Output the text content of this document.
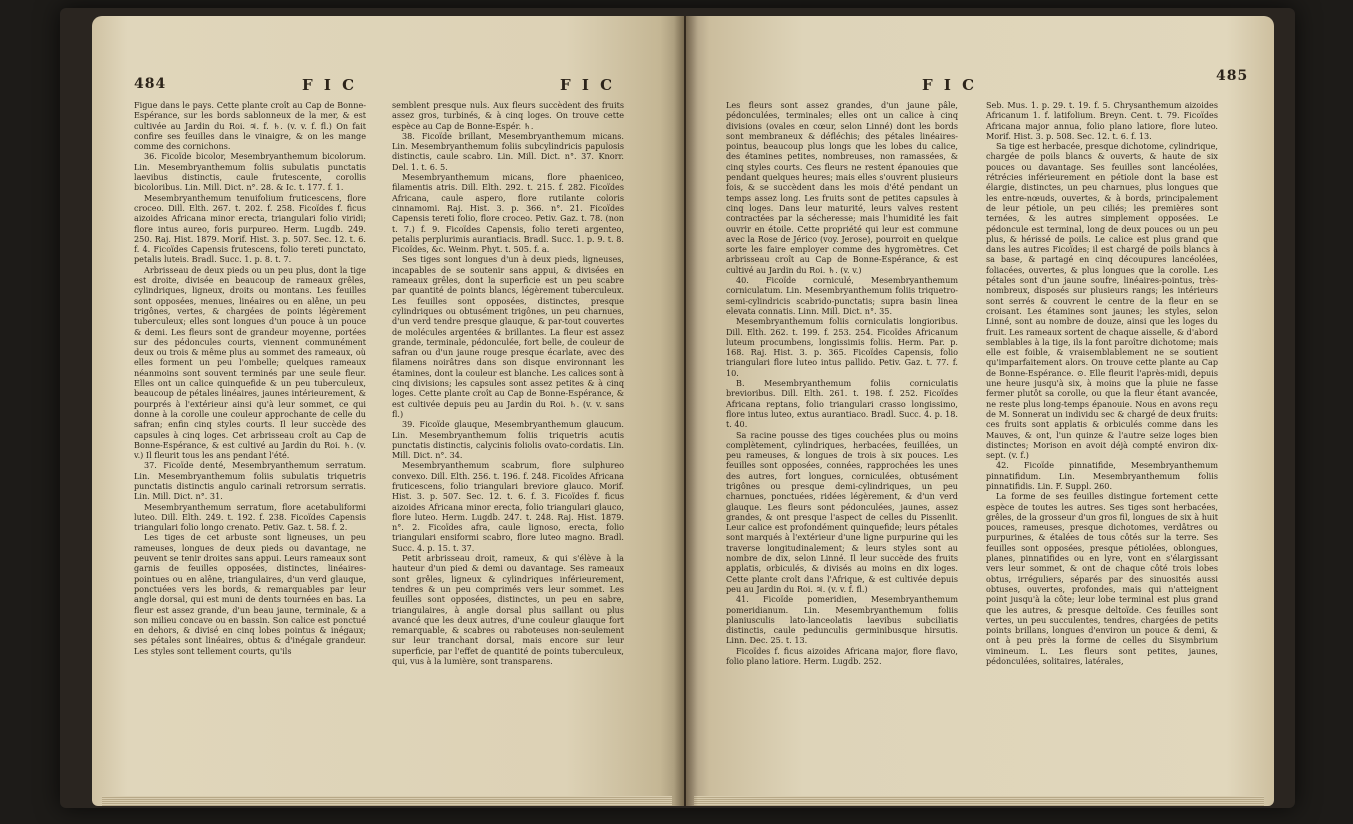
484	F I C	F I C

Figue dans le pays. Cette plante croît au Cap de Bonne-Espérance, sur les bords sablonneux de la mer, & est cultivée au Jardin du Roi. ♃. f. ♄. (v. v. f. fl.) On fait confire ses feuilles dans le vinaigre, & on les mange comme des cornichons.

36. Ficoïde bicolor, Mesembryanthemum bicolorum. Lin. Mesembryanthemum foliis subulatis punctatis laevibus distinctis, caule frutescente, corollis bicoloribus. Lin. Mill. Dict. n°. 28. & Ic. t. 177. f. 1.

Mesembryanthemum tenuifolium fruticescens, flore croceo. Dill. Elth. 267. t. 202. f. 258. Ficoïdes f. ficus aizoides Africana minor erecta, triangulari folio viridi; flore intus aureo, foris purpureo. Herm. Lugdb. 249. 250. Raj. Hist. 1879. Morif. Hist. 3. p. 507. Sec. 12. t. 6. f. 4. Ficoïdes Capensis frutescens, folio tereti punctato, petalis luteis. Bradl. Succ. 1. p. 8. t. 7.

Arbrisseau de deux pieds ou un peu plus, dont la tige est droite, divisée en beaucoup de rameaux grêles, cylindriques, ligneux, droits ou montans. Les feuilles sont opposées, menues, linéaires ou en alêne, un peu trigônes, vertes, & chargées de points légèrement tuberculeux; elles sont longues d'un pouce à un pouce & demi. Les fleurs sont de grandeur moyenne, portées sur des pédoncules courts, viennent communément deux ou trois & même plus au sommet des rameaux, où elles forment un peu l'ombelle; quelques rameaux néanmoins sont souvent terminés par une seule fleur. Elles ont un calice quinquefide & un peu tuberculeux, beaucoup de pétales linéaires, jaunes intérieurement, & pourprés à l'extérieur ainsi qu'à leur sommet, ce qui donne à la corolle une couleur approchante de celle du safran; enfin cinq styles courts. Il leur succède des capsules à cinq loges. Cet arbrisseau croît au Cap de Bonne-Espérance, & est cultivé au Jardin du Roi. ♄. (v. v.) Il fleurit tous les ans pendant l'été.

37. Ficoïde denté, Mesembryanthemum serratum. Lin. Mesembryanthemum foliis subulatis triquetris punctatis distinctis angulo carinali retrorsum serratis. Lin. Mill. Dict. n°. 31.

Mesembryanthemum serratum, flore acetabuliformi luteo. Dill. Elth. 249. t. 192. f. 238. Ficoïdes Capensis triangulari folio longo crenato. Petiv. Gaz. t. 58. f. 2.

Les tiges de cet arbuste sont ligneuses, un peu rameuses, longues de deux pieds ou davantage, ne peuvent se tenir droites sans appui. Leurs rameaux sont garnis de feuilles opposées, distinctes, linéaires-pointues ou en alêne, triangulaires, d'un verd glauque, ponctuées vers les bords, & remarquables par leur angle dorsal, qui est muni de dents tournées en bas. La fleur est assez grande, d'un beau jaune, terminale, & a son milieu concave ou en bassin. Son calice est ponctué en dehors, & divisé en cinq lobes pointus & inégaux; ses pétales sont linéaires, obtus & d'inégale grandeur. Les styles sont tellement courts, qu'ils

semblent presque nuls. Aux fleurs succèdent des fruits assez gros, turbinés, & à cinq loges. On trouve cette espèce au Cap de Bonne-Espér. ♄.

38. Ficoïde brillant, Mesembryanthemum micans. Lin. Mesembryanthemum foliis subcylindricis papulosis distinctis, caule scabro. Lin. Mill. Dict. n°. 37. Knorr. Del. 1. t. 6. 5.

Mesembryanthemum micans, flore phaeniceo, filamentis atris. Dill. Elth. 292. t. 215. f. 282. Ficoïdes Africana, caule aspero, flore rutilante coloris cinnamomi. Raj. Hist. 3. p. 366. n°. 21. Ficoïdes Capensis tereti folio, flore croceo. Petiv. Gaz. t. 78. (non t. 7.) f. 9. Ficoïdes Capensis, folio tereti argenteo, petalis perplurimis aurantiacis. Bradl. Succ. 1. p. 9. t. 8. Ficoïdes, &c. Weinm. Phyt. t. 505. f. a.

Ses tiges sont longues d'un à deux pieds, ligneuses, incapables de se soutenir sans appui, & divisées en rameaux grêles, dont la superficie est un peu scabre par quantité de points blancs, légèrement tuberculeux. Les feuilles sont opposées, distinctes, presque cylindriques ou obtusément trigônes, un peu charnues, d'un verd tendre presque glauque, & par-tout couvertes de molécules argentées & brillantes. La fleur est assez grande, terminale, pédonculée, fort belle, de couleur de safran ou d'un jaune rouge presque écarlate, avec des filamens noirâtres dans son disque environnant les étamines, dont la couleur est blanche. Les calices sont à cinq divisions; les capsules sont assez petites & à cinq loges. Cette plante croît au Cap de Bonne-Espérance, & est cultivée depuis peu au Jardin du Roi. ♄. (v. v. sans fl.)

39. Ficoïde glauque, Mesembryanthemum glaucum. Lin. Mesembryanthemum foliis triquetris acutis punctatis distinctis, calycinis foliolis ovato-cordatis. Lin. Mill. Dict. n°. 34.

Mesembryanthemum scabrum, flore sulphureo convexo. Dill. Elth. 256. t. 196. f. 248. Ficoïdes Africana fruticescens, folio triangulari breviore glauco. Morif. Hist. 3. p. 507. Sec. 12. t. 6. f. 3. Ficoïdes f. ficus aizoides Africana minor erecta, folio triangulari glauco, flore luteo. Herm. Lugdb. 247. t. 248. Raj. Hist. 1879. n°. 2. Ficoïdes afra, caule lignoso, erecta, folio triangulari ensiformi scabro, flore luteo magno. Bradl. Succ. 4. p. 15. t. 37.

Petit arbrisseau droit, rameux, & qui s'élève à la hauteur d'un pied & demi ou davantage. Ses rameaux sont grêles, ligneux & cylindriques inférieurement, tendres & un peu comprimés vers leur sommet. Les feuilles sont opposées, distinctes, un peu en sabre, triangulaires, à angle dorsal plus saillant ou plus avancé que les deux autres, d'une couleur glauque fort remarquable, & scabres ou raboteuses non-seulement sur leur tranchant dorsal, mais encore sur leur superficie, par l'effet de quantité de points tuberculeux, qui, vus à la lumière, sont transparens.

F I C	485

Les fleurs sont assez grandes, d'un jaune pâle, pédonculées, terminales; elles ont un calice à cinq divisions (ovales en cœur, selon Linné) dont les bords sont membraneux & défléchis; des pétales linéaires-pointus, beaucoup plus longs que les lobes du calice, des étamines petites, nombreuses, non ramassées, & cinq styles courts. Ces fleurs ne restent épanouies que pendant quelques heures; mais elles s'ouvrent plusieurs fois, & se succèdent dans les mois d'été pendant un temps assez long. Les fruits sont de petites capsules à cinq loges. Dans leur maturité, leurs valves restent contractées par la sécheresse; mais l'humidité les fait ouvrir en étoile. Cette propriété qui leur est commune avec la Rose de Jérico (voy. Jerose), pourroit en quelque sorte les faire employer comme des hygromètres. Cet arbrisseau croît au Cap de Bonne-Espérance, & est cultivé au Jardin du Roi. ♄. (v. v.)

40. Ficoïde corniculé, Mesembryanthemum corniculatum. Lin. Mesembryanthemum foliis triquetro-semi-cylindricis scabrido-punctatis; supra basin linea elevata connatis. Linn. Mill. Dict. n°. 35.

Mesembryanthemum foliis corniculatis longioribus. Dill. Elth. 262. t. 199. f. 253. 254. Ficoïdes Africanum luteum procumbens, longissimis foliis. Herm. Par. p. 168. Raj. Hist. 3. p. 365. Ficoïdes Capensis, folio triangulari flore luteo intus pallido. Petiv. Gaz. t. 77. f. 10.

B. Mesembryanthemum foliis corniculatis brevioribus. Dill. Elth. 261. t. 198. f. 252. Ficoïdes Africana reptans, folio triangulari crasso longissimo, flore intus luteo, extus aurantiaco. Bradl. Succ. 4. p. 18. t. 40.

Sa racine pousse des tiges couchées plus ou moins complètement, cylindriques, herbacées, feuillées, un peu rameuses, & longues de trois à six pouces. Les feuilles sont opposées, connées, rapprochées les unes des autres, fort longues, corniculées, obtusément trigônes ou presque demi-cylindriques, un peu charnues, ponctuées, ridées légèrement, & d'un verd glauque. Les fleurs sont pédonculées, jaunes, assez grandes, & ont presque l'aspect de celles du Pissenlit. Leur calice est profondément quinquefide; leurs pétales sont marqués à l'extérieur d'une ligne purpurine qui les traverse longitudinalement; & leurs styles sont au nombre de dix, selon Linné. Il leur succède des fruits applatis, orbiculés, & divisés au moins en dix loges. Cette plante croît dans l'Afrique, & est cultivée depuis peu au Jardin du Roi. ♃. (v. v. f. fl.)

41. Ficoïde pomeridien, Mesembryanthemum pomeridianum. Lin. Mesembryanthemum foliis planiusculis lato-lanceolatis laevibus subciliatis distinctis, caule pedunculis germinibusque hirsutis. Linn. Dec. 25. t. 13.

Ficoïdes f. ficus aizoides Africana major, flore flavo, folio plano latiore. Herm. Lugdb. 252.

Seb. Mus. 1. p. 29. t. 19. f. 5. Chrysanthemum aizoides Africanum 1. f. latifolium. Breyn. Cent. t. 79. Ficoïdes Africana major annua, folio plano latiore, flore luteo. Morif. Hist. 3. p. 508. Sec. 12. t. 6. f. 13.

Sa tige est herbacée, presque dichotome, cylindrique, chargée de poils blancs & ouverts, & haute de six pouces ou davantage. Ses feuilles sont lancéolées, rétrécies inférieurement en pétiole dont la base est élargie, distinctes, un peu charnues, plus longues que les entre-nœuds, ouvertes, & à bords, principalement de leur pétiole, un peu ciliés; les premières sont ternées, & les autres simplement opposées. Le pédoncule est terminal, long de deux pouces ou un peu plus, & hérissé de poils. Le calice est plus grand que dans les autres Ficoïdes; il est chargé de poils blancs à sa base, & partagé en cinq découpures lancéolées, foliacées, ouvertes, & plus longues que la corolle. Les pétales sont d'un jaune soufre, linéaires-pointus, très-nombreux, disposés sur plusieurs rangs; les intérieurs sont serrés & couvrent le centre de la fleur en se croisant. Les étamines sont jaunes; les styles, selon Linné, sont au nombre de douze, ainsi que les loges du fruit. Les rameaux sortent de chaque aisselle, & d'abord semblables à la tige, ils la font paroître dichotome; mais elle est foible, & vraisemblablement ne se soutient qu'imparfaitement alors. On trouve cette plante au Cap de Bonne-Espérance. ⊙. Elle fleurit l'après-midi, depuis une heure jusqu'à six, à moins que la pluie ne fasse fermer plutôt sa corolle, ou que la fleur étant avancée, ne reste plus long-temps épanouie. Nous en avons reçu de M. Sonnerat un individu sec & chargé de deux fruits: ces fruits sont applatis & orbiculés comme dans les Mauves, & ont, l'un quinze & l'autre seize loges bien distinctes; Morison en avoit déjà compté environ dix-sept. (v. f.)

42. Ficoïde pinnatifide, Mesembryanthemum pinnatifidum. Lin. Mesembryanthemum foliis pinnatifidis. Lin. F. Suppl. 260.

La forme de ses feuilles distingue fortement cette espèce de toutes les autres. Ses tiges sont herbacées, grêles, de la grosseur d'un gros fil, longues de six à huit pouces, rameuses, presque dichotomes, verdâtres ou purpurines, & étalées de tous côtés sur la terre. Ses feuilles sont opposées, presque pétiolées, oblongues, planes, pinnatifides ou en lyre, vont en s'élargissant vers leur sommet, & ont de chaque côté trois lobes obtus, irréguliers, séparés par des sinuosités aussi obtuses, ouvertes, profondes, mais qui n'atteignent point jusqu'à la côte; leur lobe terminal est plus grand que les autres, & presque deltoïde. Ces feuilles sont vertes, un peu succulentes, tendres, chargées de petits points brillans, longues d'environ un pouce & demi, & ont à peu près la forme de celles du Sisymbrium vimineum. L. Les fleurs sont petites, jaunes, pédonculées, solitaires, latérales,
